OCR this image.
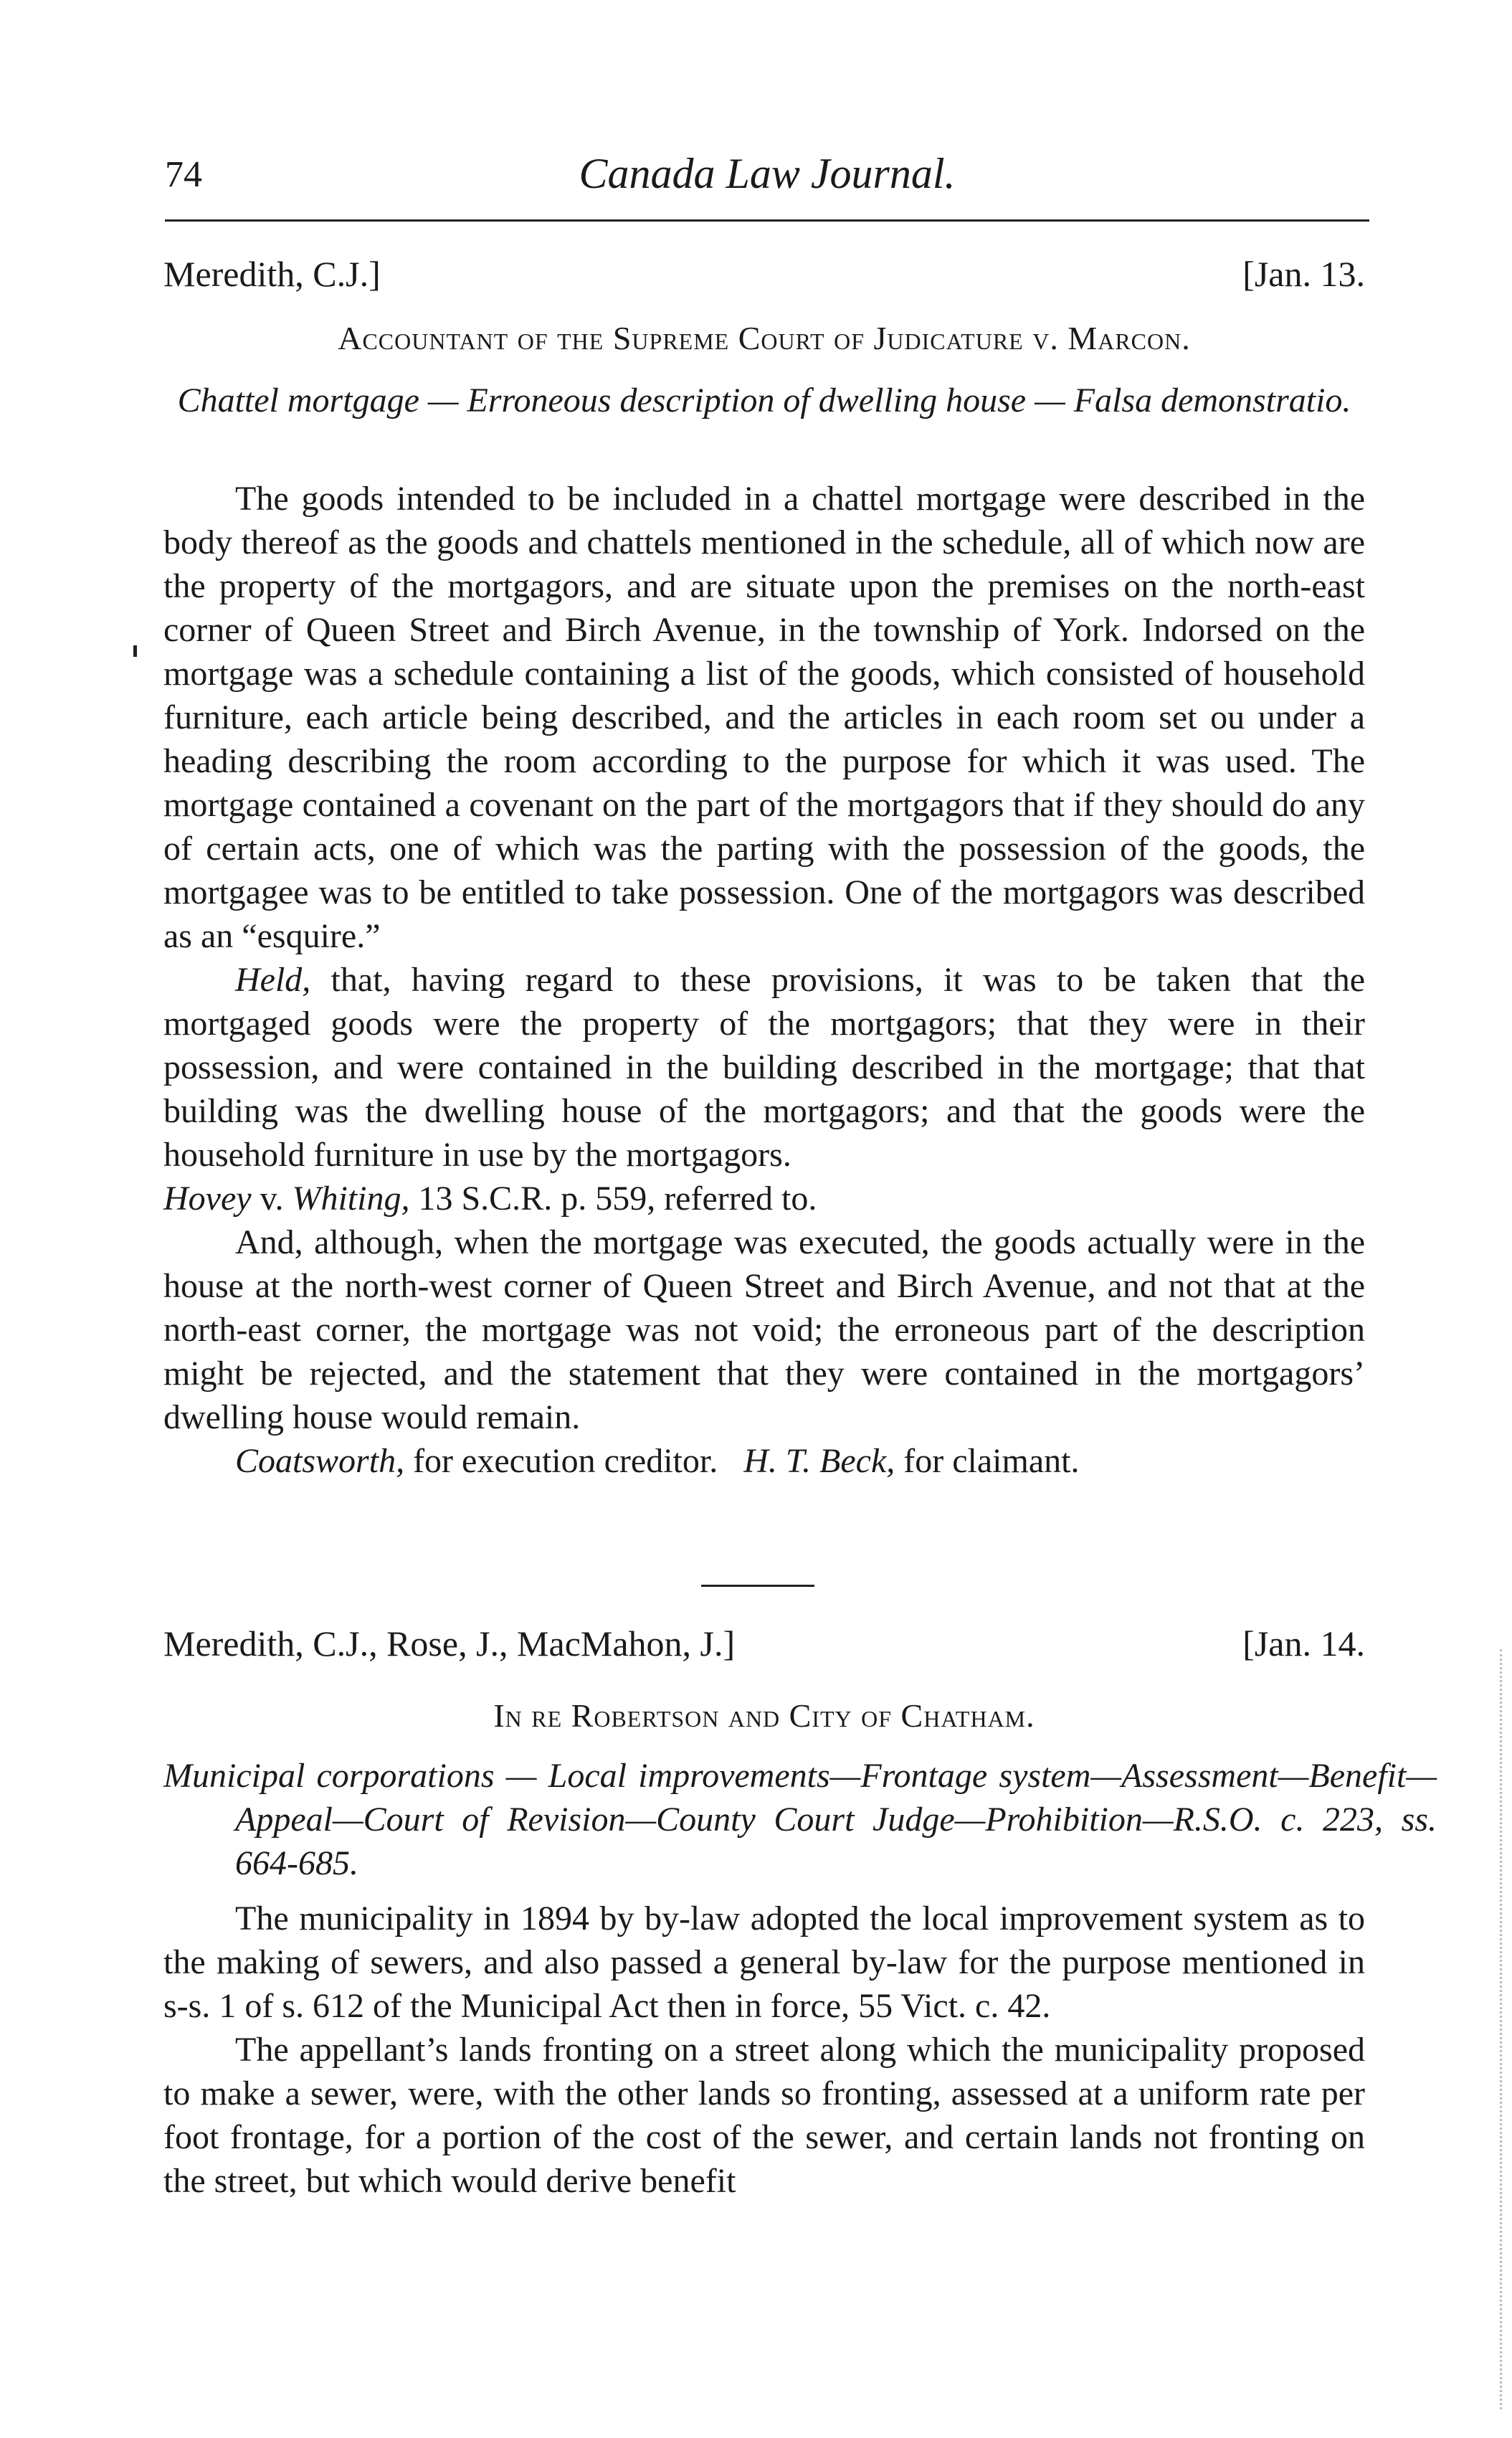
74	Canada Law Journal.
Meredith, C.J.]	[Jan. 13.
Accountant of the Supreme Court of Judicature v. Marcon.
Chattel mortgage — Erroneous description of dwelling house — Falsa demonstratio.

The goods intended to be included in a chattel mortgage were described in the body thereof as the goods and chattels mentioned in the schedule, all of which now are the property of the mortgagors, and are situate upon the premises on the north-east corner of Queen Street and Birch Avenue, in the township of York. Indorsed on the mortgage was a schedule containing a list of the goods, which consisted of household furniture, each article being described, and the articles in each room set ou under a heading describing the room according to the purpose for which it was used. The mortgage contained a covenant on the part of the mortgagors that if they should do any of certain acts, one of which was the parting with the possession of the goods, the mortgagee was to be entitled to take possession. One of the mortgagors was described as an “esquire.”

Held, that, having regard to these provisions, it was to be taken that the mortgaged goods were the property of the mortgagors; that they were in their possession, and were contained in the building described in the mortgage; that that building was the dwelling house of the mortgagors; and that the goods were the household furniture in use by the mortgagors.

Hovey v. Whiting, 13 S.C.R. p. 559, referred to.

And, although, when the mortgage was executed, the goods actually were in the house at the north-west corner of Queen Street and Birch Avenue, and not that at the north-east corner, the mortgage was not void; the erroneous part of the description might be rejected, and the statement that they were contained in the mortgagors’ dwelling house would remain.

Coatsworth, for execution creditor. H. T. Beck, for claimant.

Meredith, C.J., Rose, J., MacMahon, J.]	[Jan. 14.
In re Robertson and City of Chatham.
Municipal corporations — Local improvements—Frontage system—Assessment—Benefit—Appeal—Court of Revision—County Court Judge—Prohibition—R.S.O. c. 223, ss. 664-685.

The municipality in 1894 by by-law adopted the local improvement system as to the making of sewers, and also passed a general by-law for the purpose mentioned in s-s. 1 of s. 612 of the Municipal Act then in force, 55 Vict. c. 42.

The appellant’s lands fronting on a street along which the municipality proposed to make a sewer, were, with the other lands so fronting, assessed at a uniform rate per foot frontage, for a portion of the cost of the sewer, and certain lands not fronting on the street, but which would derive benefit
